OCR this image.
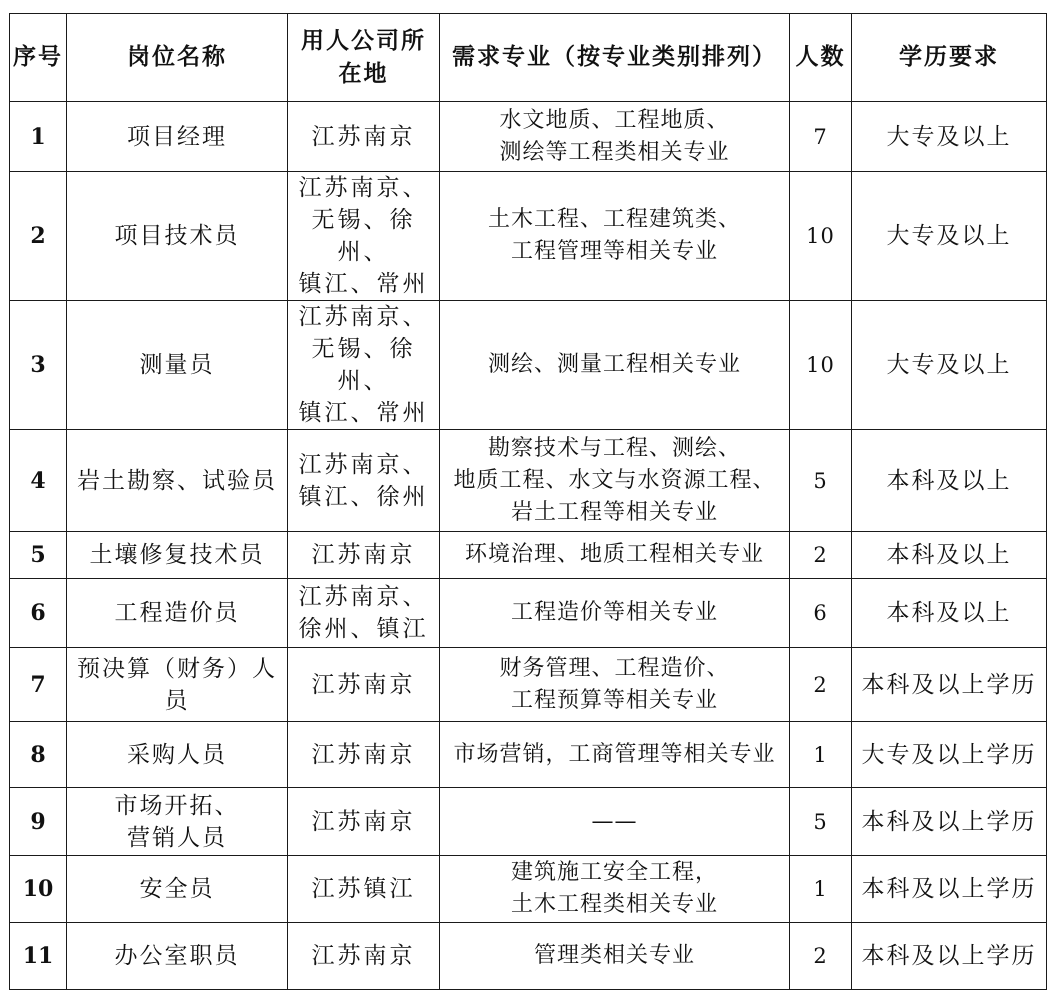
序号	岗位名称	用人公司所
在地	需求专业（按专业类别排列）	人数	学历要求
1	项目经理	江苏南京	水文地质、工程地质、
测绘等工程类相关专业	7	大专及以上
2	项目技术员	江苏南京、
无锡、徐州、
镇江、常州	土木工程、工程建筑类、
工程管理等相关专业	10	大专及以上
3	测量员	江苏南京、
无锡、徐州、
镇江、常州	测绘、测量工程相关专业	10	大专及以上
4	岩土勘察、试验员	江苏南京、
镇江、徐州	勘察技术与工程、测绘、
地质工程、水文与水资源工程、
岩土工程等相关专业	5	本科及以上
5	土壤修复技术员	江苏南京	环境治理、地质工程相关专业	2	本科及以上
6	工程造价员	江苏南京、
徐州、镇江	工程造价等相关专业	6	本科及以上
7	预决算（财务）人员	江苏南京	财务管理、工程造价、
工程预算等相关专业	2	本科及以上学历
8	采购人员	江苏南京	市场营销，工商管理等相关专业	1	大专及以上学历
9	市场开拓、
营销人员	江苏南京	——	5	本科及以上学历
10	安全员	江苏镇江	建筑施工安全工程，
土木工程类相关专业	1	本科及以上学历
11	办公室职员	江苏南京	管理类相关专业	2	本科及以上学历
